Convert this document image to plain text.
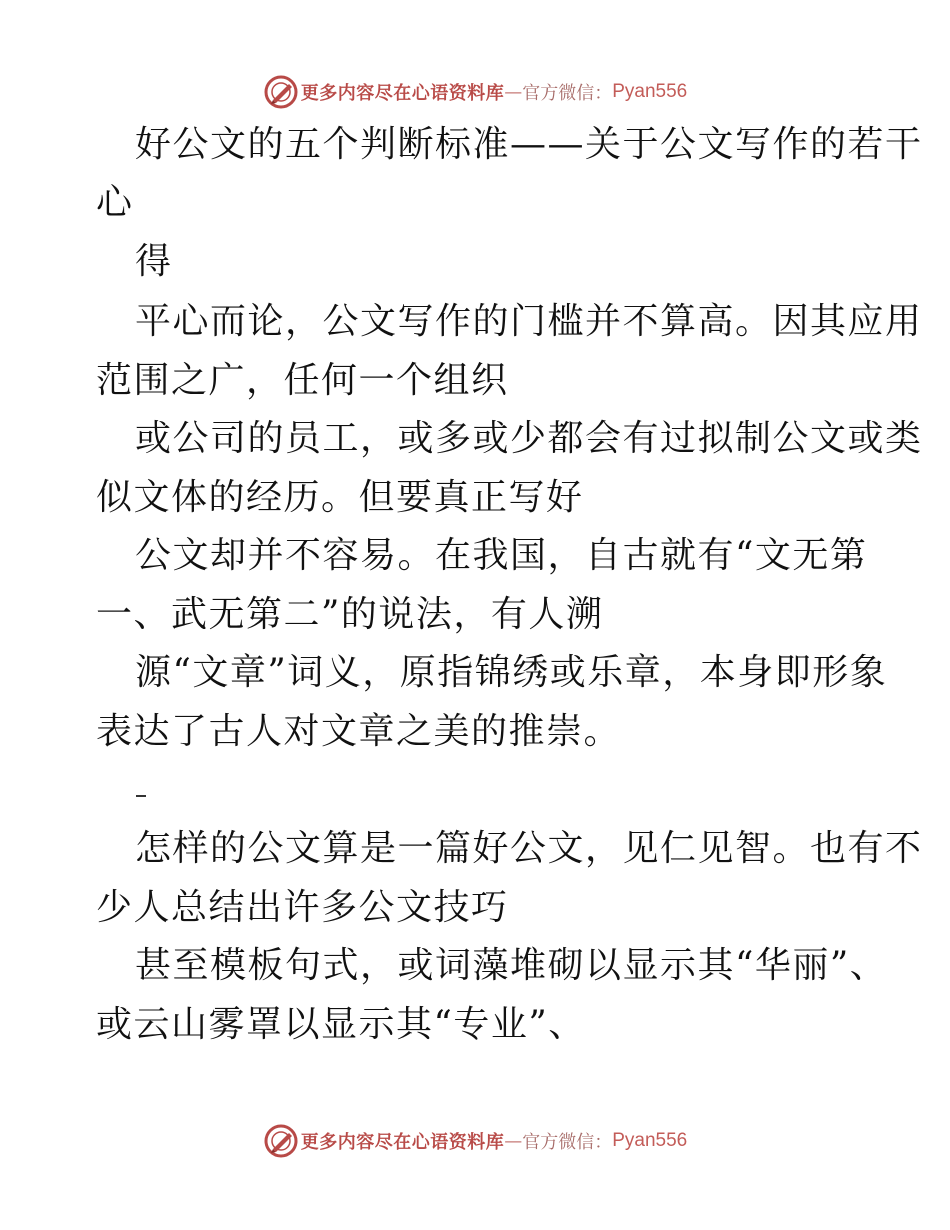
更多内容尽在心语资料库 — 官方微信： Pyan556
好公文的五个判断标准——关于公文写作的若干
心
得
平心而论，公文写作的门槛并不算高。因其应用
范围之广，任何一个组织
或公司的员工，或多或少都会有过拟制公文或类
似文体的经历。但要真正写好
公文却并不容易。在我国，自古就有“文无第
一、武无第二”的说法，有人溯
源“文章”词义，原指锦绣或乐章，本身即形象
表达了古人对文章之美的推崇。
怎样的公文算是一篇好公文，见仁见智。也有不
少人总结出许多公文技巧
甚至模板句式，或词藻堆砌以显示其“华丽”、
或云山雾罩以显示其“专业”、
更多内容尽在心语资料库 — 官方微信： Pyan556
